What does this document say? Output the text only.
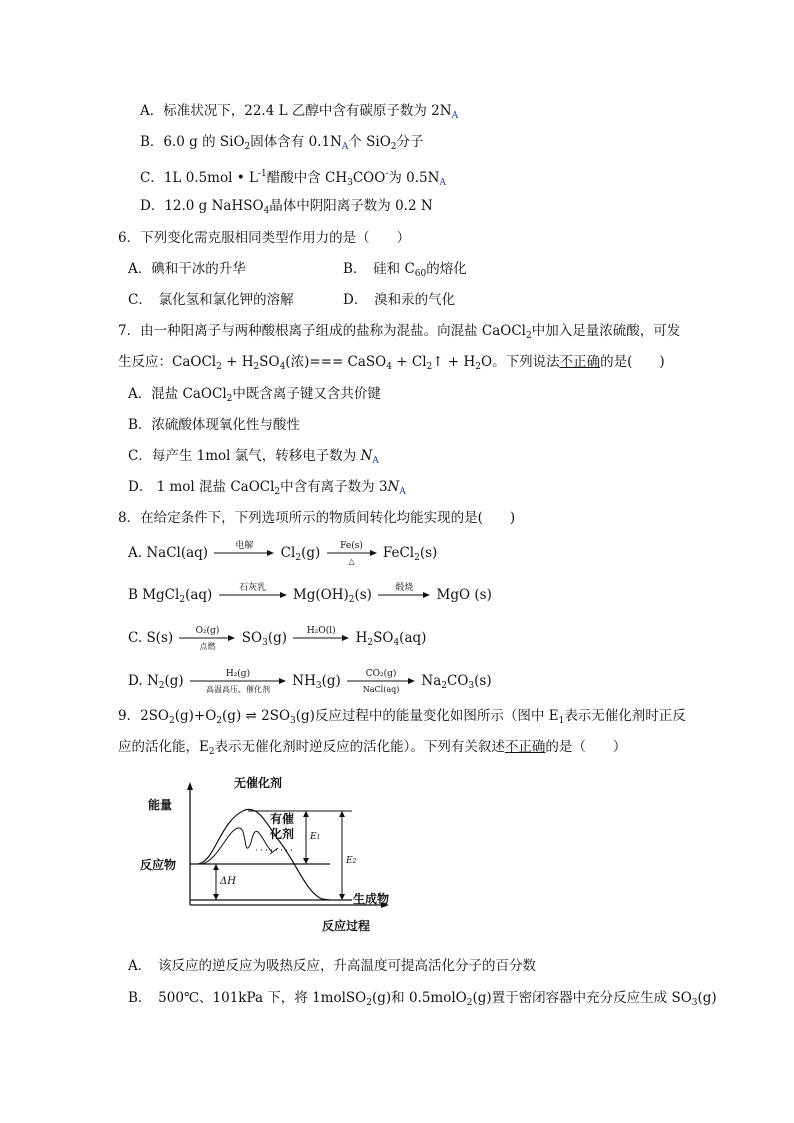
A．标准状况下，22.4 L 乙醇中含有碳原子数为 $2N_A$
B．6.0 g 的 SiO$_2$固体含有 $0.1N_A$个 SiO$_2$分子
C．1L 0.5mol • $L^{-1}$醋酸中含 $CH_3COO^-$为 $0.5N_A$
D．12.0 g NaHSO$_4$晶体中阴阳离子数为 0.2 N
6．下列变化需克服相同类型作用力的是（　　）
A．碘和干冰的升华	B．　硅和 $C_{60}$的熔化
C．　氯化氢和氯化钾的溶解	D．　溴和汞的气化
7．由一种阳离子与两种酸根离子组成的盐称为混盐。向混盐 CaOCl$_2$中加入足量浓硫酸，可发
生反应：CaOCl$_2$ + $H_2SO_4$(浓)=== CaSO$_4$ + $Cl_2↑ + H_2O$。下列说法不正确的是(　　)
A．混盐 CaOCl$_2$中既含离子键又含共价键
B．浓硫酸体现氧化性与酸性
C．每产生 1mol 氯气，转移电子数为 $N_A$
D． 1 mol 混盐 CaOCl$_2$中含有离子数为 $3N_A$
8．在给定条件下，下列选项所示的物质间转化均能实现的是(　　)
A. NaCl(aq)	电解	$Cl_2(g)$	Fe(s)
△	FeCl$_2$(s)
B MgCl$_2$(aq)	石灰乳	$Mg(OH)_2(s)$	煅烧	MgO (s)
C. S(s)	O₂(g)
点燃	$SO_3(g)$	H₂O(l)	$H_2SO_4(aq)$
D. $N_2(g)$	H₂(g)
高温高压、催化剂	$NH_3(g)$	CO₂(g)
NaCl(aq)	$Na_2CO_3(s)$
9．$2SO_2(g)+O_2(g)$ ⇌ $2SO_3(g)$反应过程中的能量变化如图所示（图中 $E_1$表示无催化剂时正反
应的活化能，$E_2$表示无催化剂时逆反应的活化能）。下列有关叙述不正确的是（　　）
能量
无催化剂
有催
化剂
反应物
生成物
反应过程
E1
E2
ΔH
A．　该反应的逆反应为吸热反应，升高温度可提高活化分子的百分数
B．　500℃、101kPa 下，将 1molSO$_2$(g)和 0.5molO$_2$(g)置于密闭容器中充分反应生成 $SO_3(g)$
